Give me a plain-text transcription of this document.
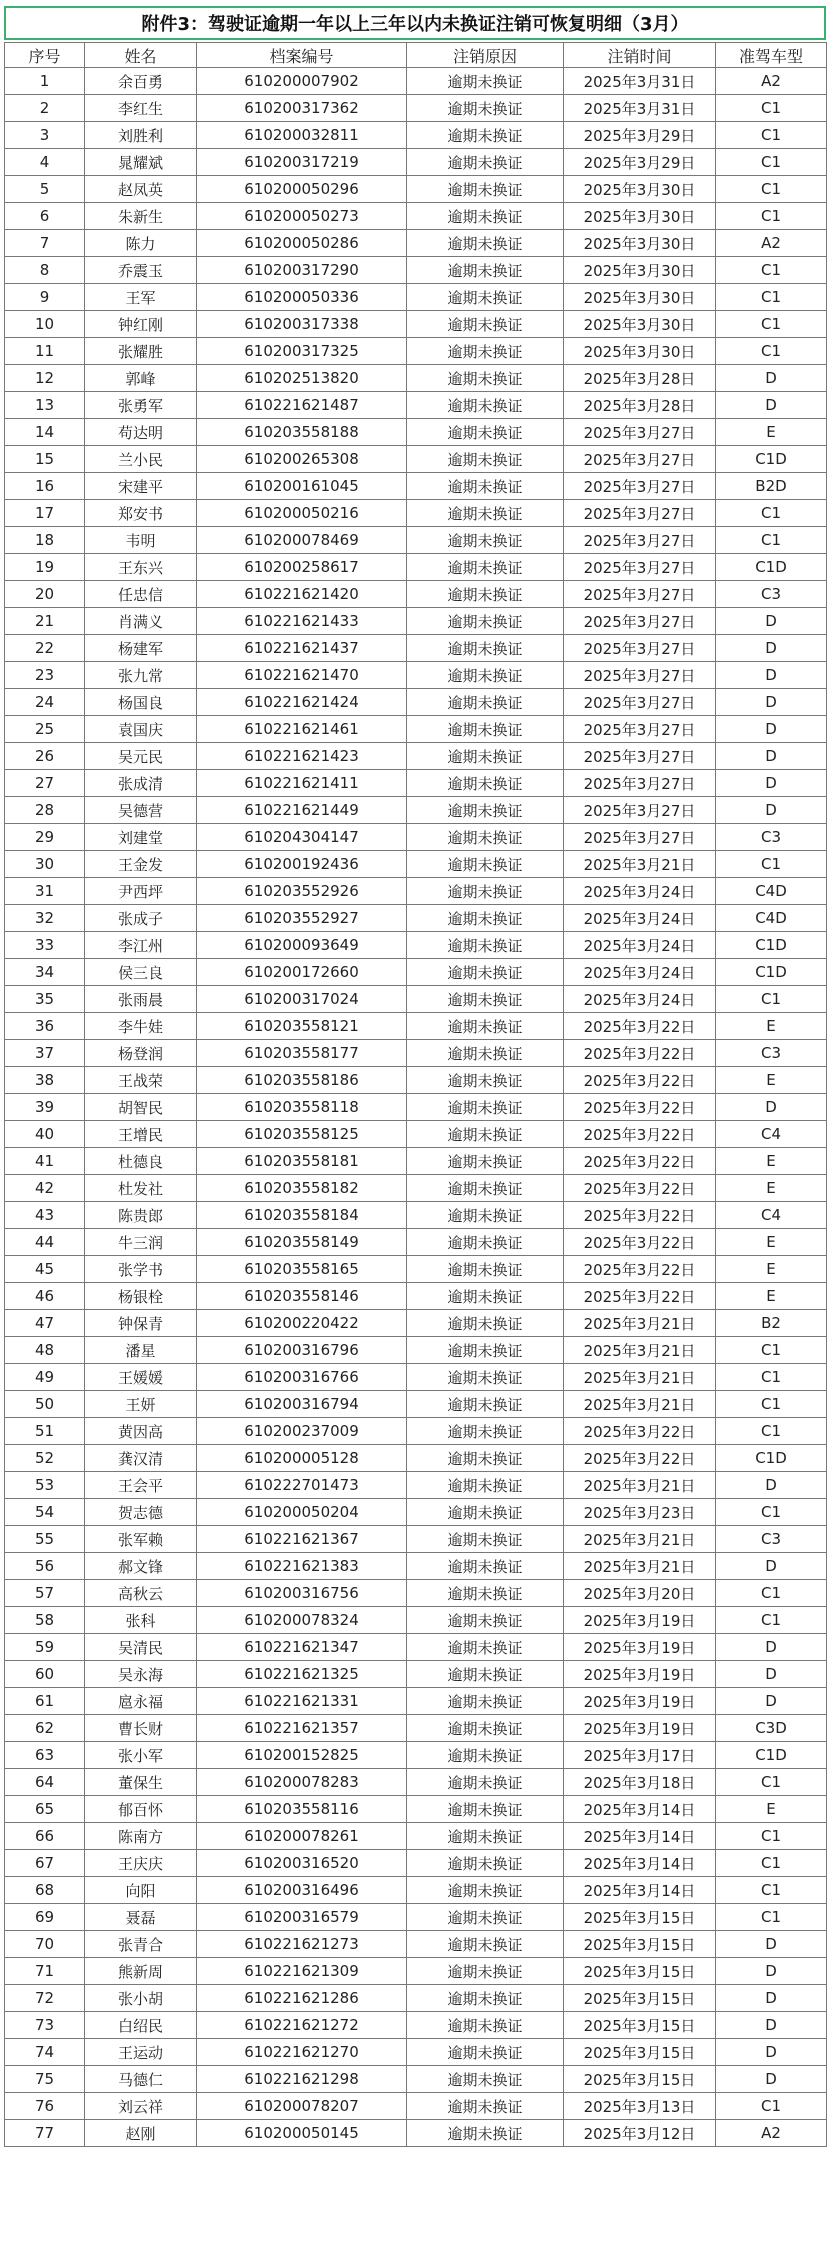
附件3：驾驶证逾期一年以上三年以内未换证注销可恢复明细（3月）
序号	姓名	档案编号	注销原因	注销时间	准驾车型
1	余百勇	610200007902	逾期未换证	2025年3月31日	A2
2	李红生	610200317362	逾期未换证	2025年3月31日	C1
3	刘胜利	610200032811	逾期未换证	2025年3月29日	C1
4	晁耀斌	610200317219	逾期未换证	2025年3月29日	C1
5	赵凤英	610200050296	逾期未换证	2025年3月30日	C1
6	朱新生	610200050273	逾期未换证	2025年3月30日	C1
7	陈力	610200050286	逾期未换证	2025年3月30日	A2
8	乔震玉	610200317290	逾期未换证	2025年3月30日	C1
9	王军	610200050336	逾期未换证	2025年3月30日	C1
10	钟红刚	610200317338	逾期未换证	2025年3月30日	C1
11	张耀胜	610200317325	逾期未换证	2025年3月30日	C1
12	郭峰	610202513820	逾期未换证	2025年3月28日	D
13	张勇军	610221621487	逾期未换证	2025年3月28日	D
14	苟达明	610203558188	逾期未换证	2025年3月27日	E
15	兰小民	610200265308	逾期未换证	2025年3月27日	C1D
16	宋建平	610200161045	逾期未换证	2025年3月27日	B2D
17	郑安书	610200050216	逾期未换证	2025年3月27日	C1
18	韦明	610200078469	逾期未换证	2025年3月27日	C1
19	王东兴	610200258617	逾期未换证	2025年3月27日	C1D
20	任忠信	610221621420	逾期未换证	2025年3月27日	C3
21	肖满义	610221621433	逾期未换证	2025年3月27日	D
22	杨建军	610221621437	逾期未换证	2025年3月27日	D
23	张九常	610221621470	逾期未换证	2025年3月27日	D
24	杨国良	610221621424	逾期未换证	2025年3月27日	D
25	袁国庆	610221621461	逾期未换证	2025年3月27日	D
26	吴元民	610221621423	逾期未换证	2025年3月27日	D
27	张成清	610221621411	逾期未换证	2025年3月27日	D
28	吴德营	610221621449	逾期未换证	2025年3月27日	D
29	刘建堂	610204304147	逾期未换证	2025年3月27日	C3
30	王金发	610200192436	逾期未换证	2025年3月21日	C1
31	尹西坪	610203552926	逾期未换证	2025年3月24日	C4D
32	张成子	610203552927	逾期未换证	2025年3月24日	C4D
33	李江州	610200093649	逾期未换证	2025年3月24日	C1D
34	侯三良	610200172660	逾期未换证	2025年3月24日	C1D
35	张雨晨	610200317024	逾期未换证	2025年3月24日	C1
36	李牛娃	610203558121	逾期未换证	2025年3月22日	E
37	杨登润	610203558177	逾期未换证	2025年3月22日	C3
38	王战荣	610203558186	逾期未换证	2025年3月22日	E
39	胡智民	610203558118	逾期未换证	2025年3月22日	D
40	王增民	610203558125	逾期未换证	2025年3月22日	C4
41	杜德良	610203558181	逾期未换证	2025年3月22日	E
42	杜发社	610203558182	逾期未换证	2025年3月22日	E
43	陈贵郎	610203558184	逾期未换证	2025年3月22日	C4
44	牛三润	610203558149	逾期未换证	2025年3月22日	E
45	张学书	610203558165	逾期未换证	2025年3月22日	E
46	杨银栓	610203558146	逾期未换证	2025年3月22日	E
47	钟保青	610200220422	逾期未换证	2025年3月21日	B2
48	潘星	610200316796	逾期未换证	2025年3月21日	C1
49	王媛媛	610200316766	逾期未换证	2025年3月21日	C1
50	王妍	610200316794	逾期未换证	2025年3月21日	C1
51	黄因高	610200237009	逾期未换证	2025年3月22日	C1
52	龚汉清	610200005128	逾期未换证	2025年3月22日	C1D
53	王会平	610222701473	逾期未换证	2025年3月21日	D
54	贺志德	610200050204	逾期未换证	2025年3月23日	C1
55	张军赖	610221621367	逾期未换证	2025年3月21日	C3
56	郝文锋	610221621383	逾期未换证	2025年3月21日	D
57	高秋云	610200316756	逾期未换证	2025年3月20日	C1
58	张科	610200078324	逾期未换证	2025年3月19日	C1
59	吴清民	610221621347	逾期未换证	2025年3月19日	D
60	吴永海	610221621325	逾期未换证	2025年3月19日	D
61	扈永福	610221621331	逾期未换证	2025年3月19日	D
62	曹长财	610221621357	逾期未换证	2025年3月19日	C3D
63	张小军	610200152825	逾期未换证	2025年3月17日	C1D
64	董保生	610200078283	逾期未换证	2025年3月18日	C1
65	郁百怀	610203558116	逾期未换证	2025年3月14日	E
66	陈南方	610200078261	逾期未换证	2025年3月14日	C1
67	王庆庆	610200316520	逾期未换证	2025年3月14日	C1
68	向阳	610200316496	逾期未换证	2025年3月14日	C1
69	聂磊	610200316579	逾期未换证	2025年3月15日	C1
70	张青合	610221621273	逾期未换证	2025年3月15日	D
71	熊新周	610221621309	逾期未换证	2025年3月15日	D
72	张小胡	610221621286	逾期未换证	2025年3月15日	D
73	白绍民	610221621272	逾期未换证	2025年3月15日	D
74	王运动	610221621270	逾期未换证	2025年3月15日	D
75	马德仁	610221621298	逾期未换证	2025年3月15日	D
76	刘云祥	610200078207	逾期未换证	2025年3月13日	C1
77	赵刚	610200050145	逾期未换证	2025年3月12日	A2
